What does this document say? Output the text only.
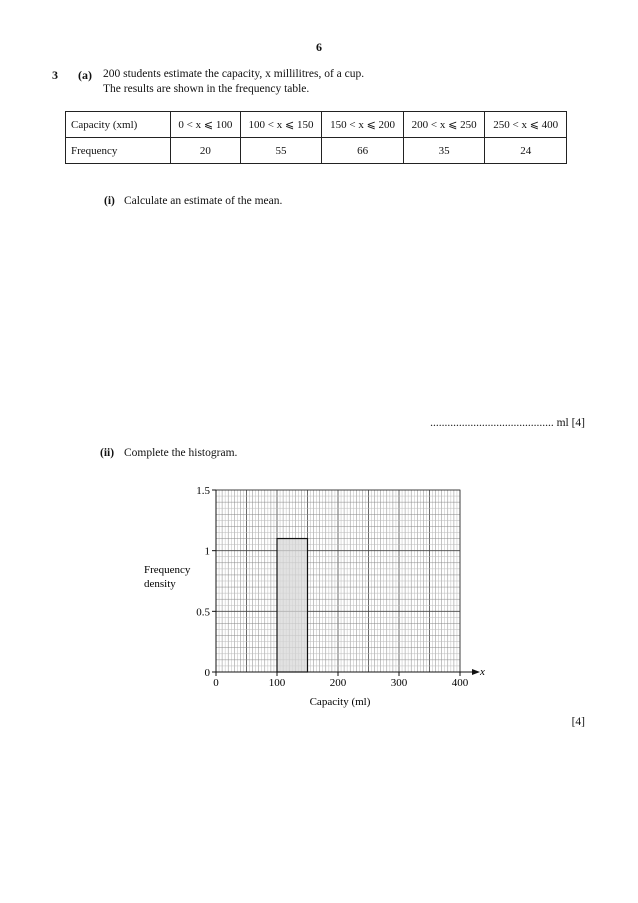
6
3 (a) 200 students estimate the capacity, x millilitres, of a cup.
The results are shown in the frequency table.
Capacity (xml)	0 < x ⩽ 100	100 < x ⩽ 150	150 < x ⩽ 200	200 < x ⩽ 250	250 < x ⩽ 400
Frequency	20	55	66	35	24
(i) Calculate an estimate of the mean.
........................................... ml [4]
(ii) Complete the histogram.
0	100	200	300	400
0
0.5
1
1.5
Frequency
density
Capacity (ml)
x
[4]
